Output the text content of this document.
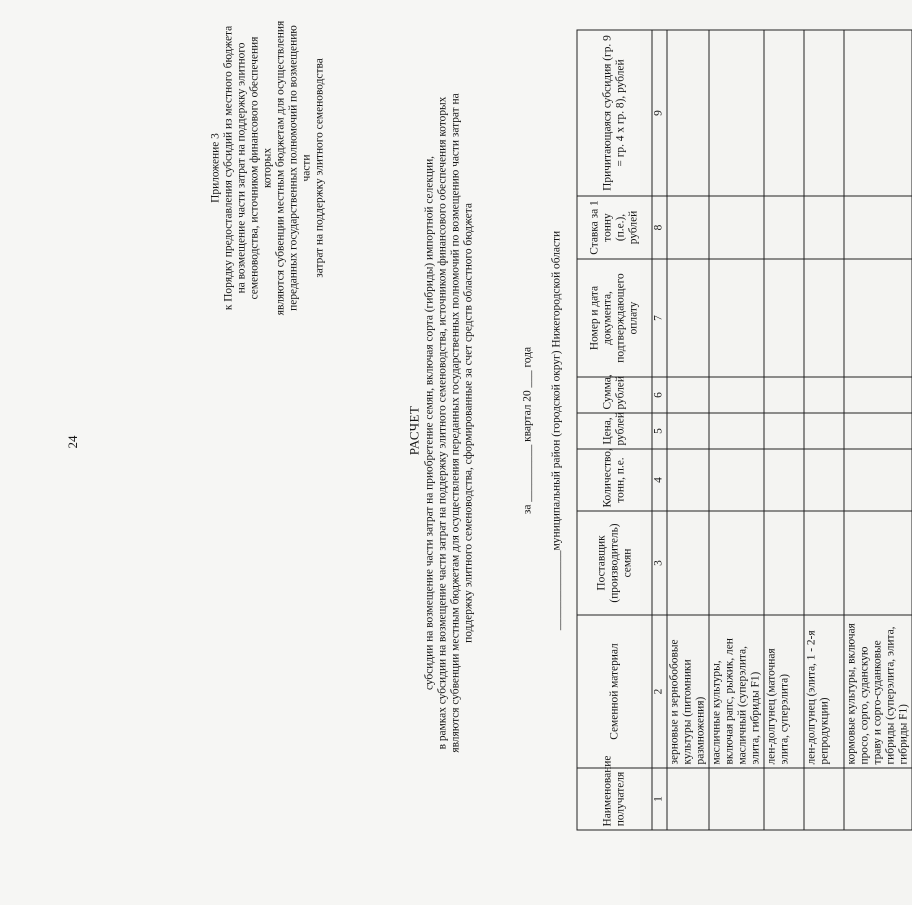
24
Приложение 3 к Порядку предоставления субсидий из местного бюджета на возмещение части затрат на поддержку элитного семеноводства, источником финансового обеспечения которых являются субвенции местным бюджетам для осуществления переданных государственных полномочий по возмещению части затрат на поддержку элитного семеноводства
РАСЧЕТ субсидии на возмещение части затрат на приобретение семян, включая сорта (гибриды) импортной селекции, в рамках субсидии на возмещение части затрат на поддержку элитного семеноводства, источником финансового обеспечения которых являются субвенции местным бюджетам для осуществления переданных государственных полномочий по возмещению части затрат на поддержку элитного семеноводства, сформированные за счет средств областного бюджета	за __________ квартал 20 ___ года
______________муниципальный район (городской округ) Нижегородской области
Наименование получателя	Семенной материал	Поставщик (производитель) семян	Количество, тонн, п.е.	Цена, рублей	Сумма, рублей	Номер и дата документа, подтверждающего оплату	Ставка за 1 тонну (п.е.), рублей	Причитающаяся субсидия (гр. 9 = гр. 4 x гр. 8), рублей
1	2	3	4	5	6	7	8	9
	зерновые и зернобобовые культуры (питомники размножения)							
	масличные культуры, включая рапс, рыжик, лен масличный (суперэлита, элита, гибриды F1)							
	лен-долгунец (маточная элита, суперэлита)							
	лен-долгунец (элита, 1 - 2-я репродукции)							
	кормовые культуры, включая просо, сорго, суданскую траву и сорго-суданковые гибриды (суперэлита, элита, гибриды F1)							
